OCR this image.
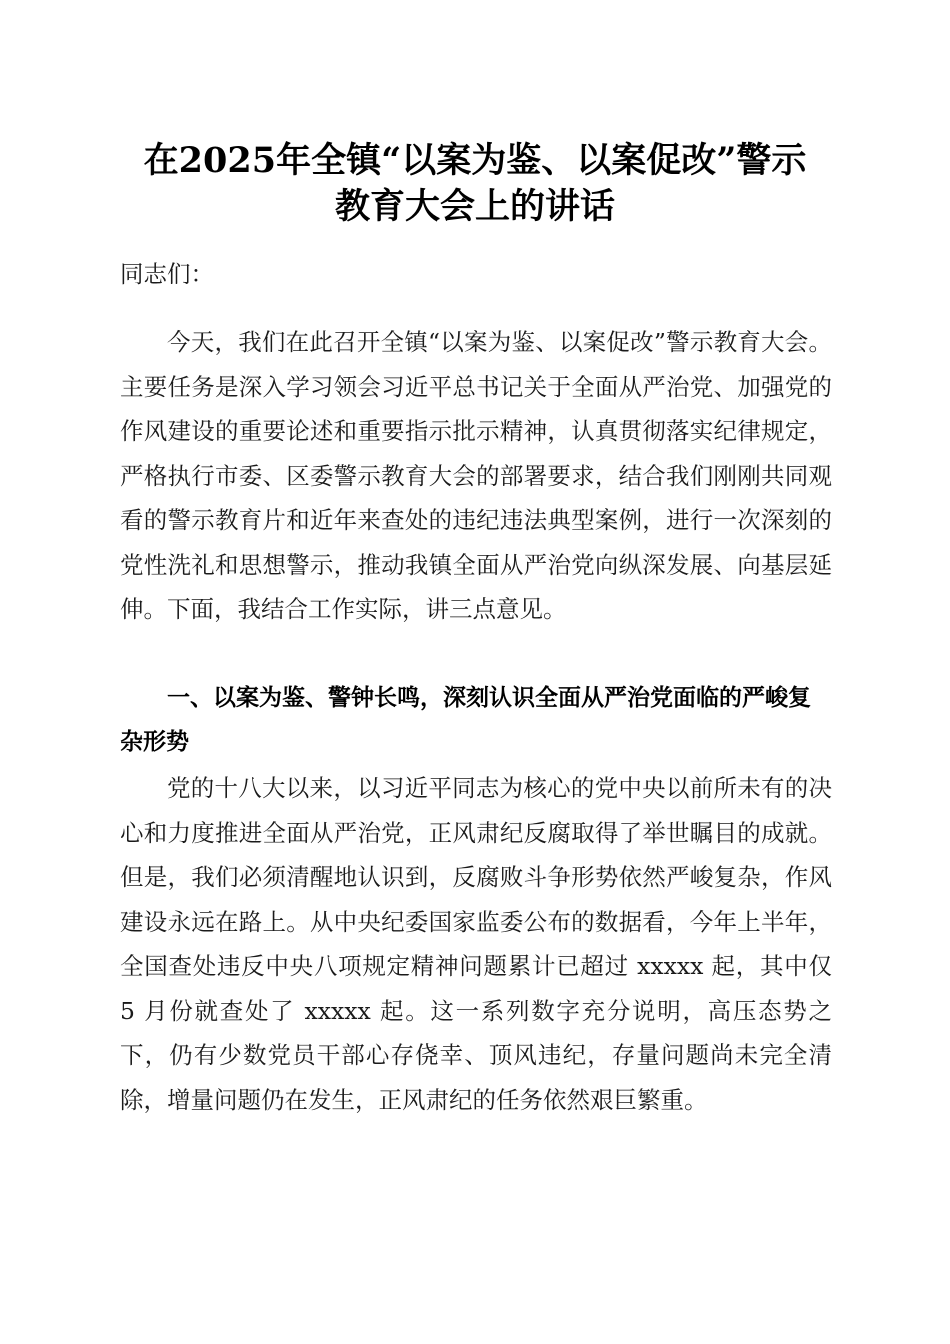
在2025年全镇“以案为鉴、以案促改”警示
教育大会上的讲话
同志们：

今天，我们在此召开全镇“以案为鉴、以案促改”警示教育大会。主要任务是深入学习领会习近平总书记关于全面从严治党、加强党的作风建设的重要论述和重要指示批示精神，认真贯彻落实纪律规定，严格执行市委、区委警示教育大会的部署要求，结合我们刚刚共同观看的警示教育片和近年来查处的违纪违法典型案例，进行一次深刻的党性洗礼和思想警示，推动我镇全面从严治党向纵深发展、向基层延伸。下面，我结合工作实际，讲三点意见。

一、以案为鉴、警钟长鸣，深刻认识全面从严治党面临的严峻复杂形势

党的十八大以来，以习近平同志为核心的党中央以前所未有的决心和力度推进全面从严治党，正风肃纪反腐取得了举世瞩目的成就。但是，我们必须清醒地认识到，反腐败斗争形势依然严峻复杂，作风建设永远在路上。从中央纪委国家监委公布的数据看，今年上半年，全国查处违反中央八项规定精神问题累计已超过 xxxxx 起，其中仅 5 月份就查处了 xxxxx 起。这一系列数字充分说明，高压态势之下，仍有少数党员干部心存侥幸、顶风违纪，存量问题尚未完全清除，增量问题仍在发生，正风肃纪的任务依然艰巨繁重。
